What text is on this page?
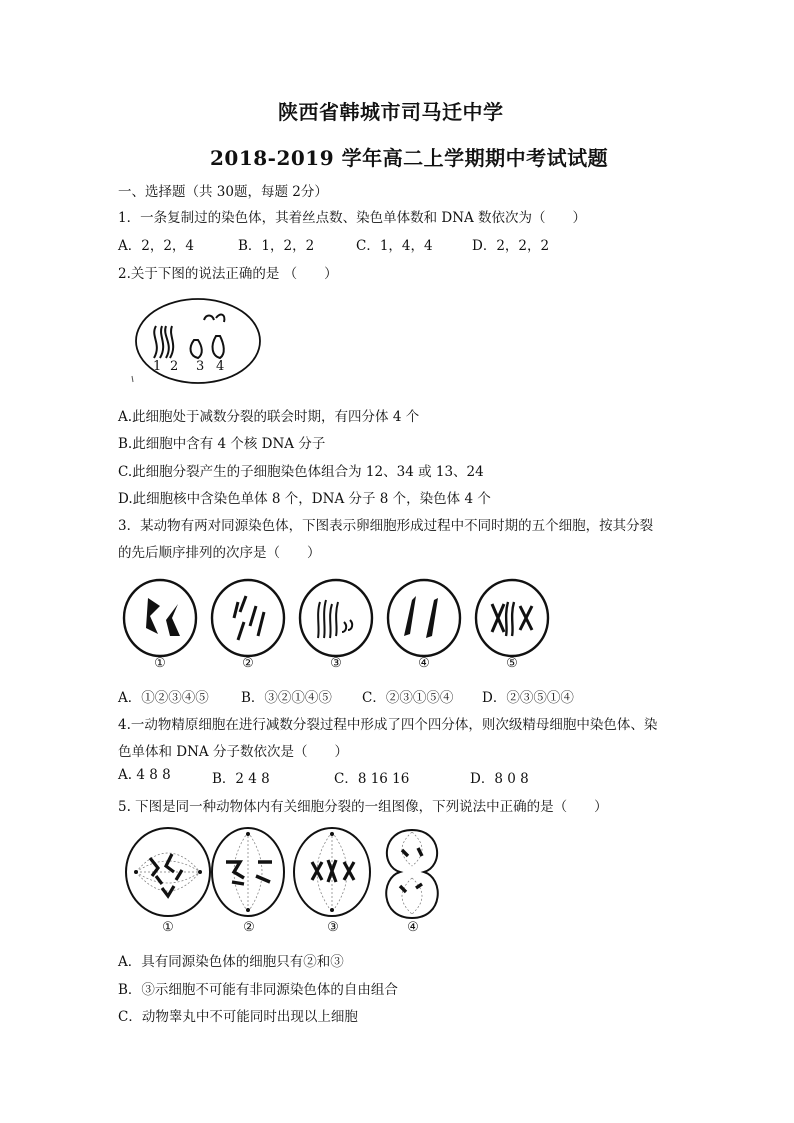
陕西省韩城市司马迁中学
2018-2019 学年高二上学期期中考试试题
一、选择题（共 30题，每题 2分）
1．一条复制过的染色体，其着丝点数、染色单体数和 DNA 数依次为（　　）
A．2，2，4	B．1，2，2	C．1，4，4	D．2，2，2
2.关于下图的说法正确的是 （　　）
1 2 3 4
A.此细胞处于减数分裂的联会时期，有四分体 4 个
B.此细胞中含有 4 个核 DNA 分子
C.此细胞分裂产生的子细胞染色体组合为 12、34 或 13、24
D.此细胞核中含染色单体 8 个，DNA 分子 8 个，染色体 4 个
3．某动物有两对同源染色体，下图表示卵细胞形成过程中不同时期的五个细胞，按其分裂
的先后顺序排列的次序是（　　）
①	②	③	④	⑤
A．①②③④⑤ B．③②①④⑤ C．②③①⑤④ D．②③⑤①④
4.一动物精原细胞在进行减数分裂过程中形成了四个四分体，则次级精母细胞中染色体、染
色单体和 DNA 分子数依次是（　　）
A. 4 8 8	B．2 4 8	C．8 16 16	D．8 0 8
5. 下图是同一种动物体内有关细胞分裂的一组图像，下列说法中正确的是（　　）
①	②	③	④
A．具有同源染色体的细胞只有②和③
B．③示细胞不可能有非同源染色体的自由组合
C．动物睾丸中不可能同时出现以上细胞
